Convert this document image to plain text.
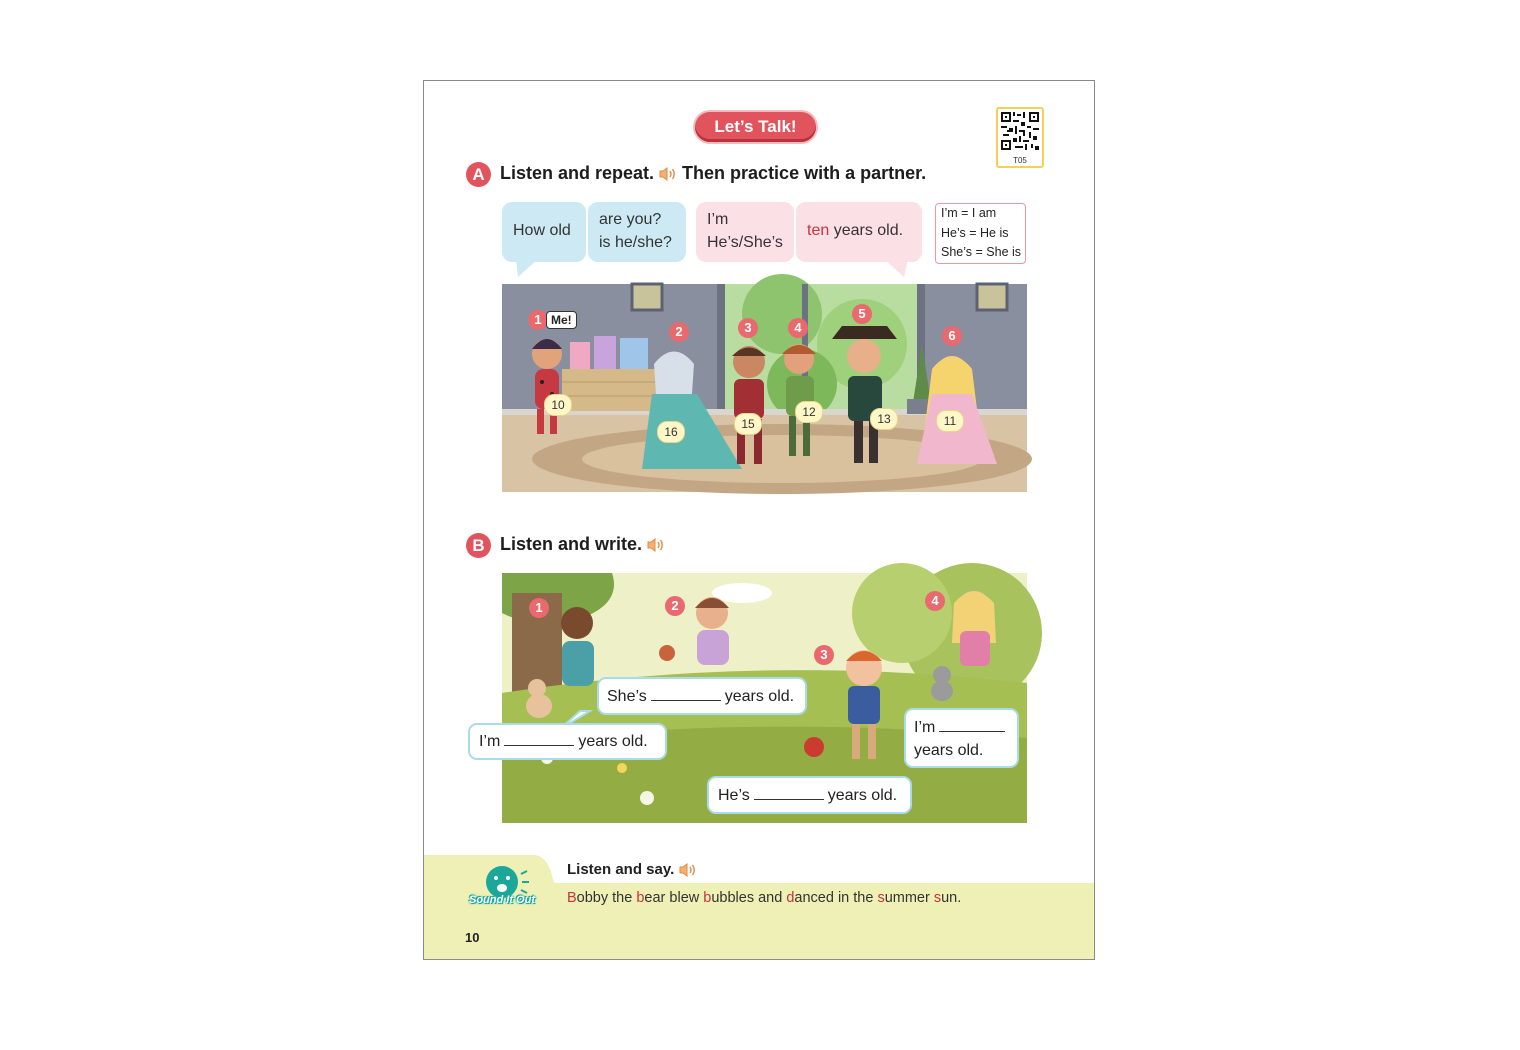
Let’s Talk!
T05
A Listen and repeat. Then practice with a partner.
How old
are you?
is he/she?
I’m
He’s/She’s
ten years old.
I’m = I am
He’s = He is
She’s = She is
1 Me!
2	3	4
5
6
10
16
15
12	13	11
B Listen and write.
1	2
3
4
She’s	years old.
I’m	years old.
He’s	years old.
I’m
years old.
Sound It Out
Listen and say.
Bobby the bear blew bubbles and danced in the summer sun.
10
